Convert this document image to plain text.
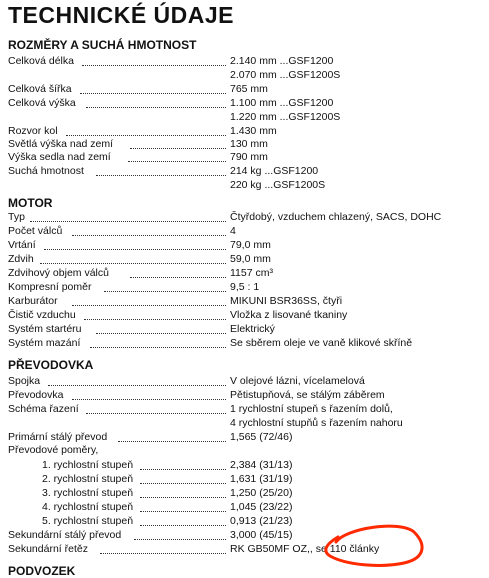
TECHNICKÉ ÚDAJE
ROZMĚRY A SUCHÁ HMOTNOST
Celková délka	2.140 mm ...GSF1200
2.070 mm ...GSF1200S
Celková šířka	765 mm
Celková výška	1.100 mm ...GSF1200
1.220 mm ...GSF1200S
Rozvor kol	1.430 mm
Světlá výška nad zemí	130 mm
Výška sedla nad zemí	790 mm
Suchá hmotnost	214 kg ...GSF1200
220 kg ...GSF1200S
MOTOR
Typ	Čtyřdobý, vzduchem chlazený, SACS, DOHC
Počet válců	4
Vrtání	79,0 mm
Zdvih	59,0 mm
Zdvihový objem válců	1157 cm³
Kompresní poměr	9,5 : 1
Karburátor	MIKUNI BSR36SS, čtyři
Čistič vzduchu	Vložka z lisované tkaniny
Systém startéru	Elektrický
Systém mazání	Se sběrem oleje ve vaně klikové skříně
PŘEVODOVKA
Spojka	V olejové lázni, vícelamelová
Převodovka	Pětistupňová, se stálým záběrem
Schéma řazení	1 rychlostní stupeň s řazením dolů,
4 rychlostní stupňů s řazením nahoru
Primární stálý převod	1,565 (72/46)
Převodové poměry,
1. rychlostní stupeň	2,384 (31/13)
2. rychlostní stupeň	1,631 (31/19)
3. rychlostní stupeň	1,250 (25/20)
4. rychlostní stupeň	1,045 (23/22)
5. rychlostní stupeň	0,913 (21/23)
Sekundární stálý převod	3,000 (45/15)
Sekundární řetěz	RK GB50MF OZ,, se 110 články
PODVOZEK
